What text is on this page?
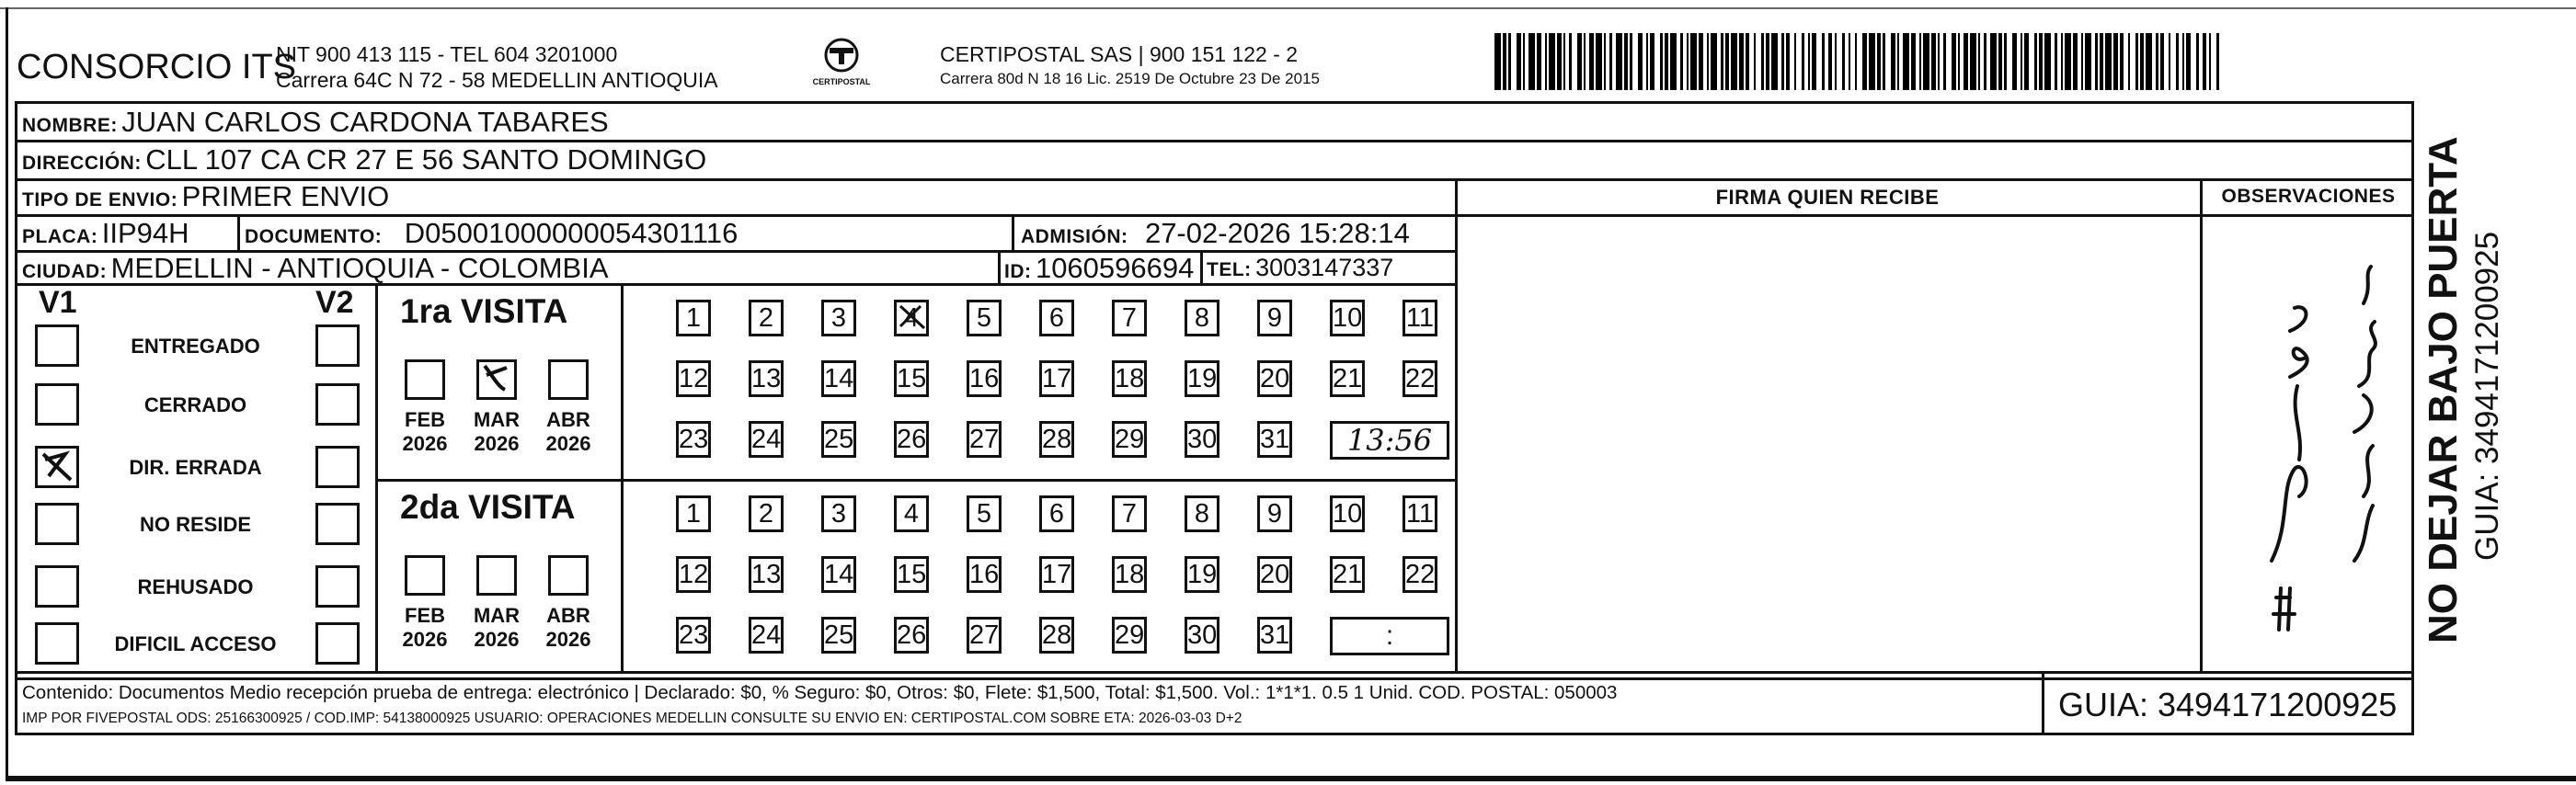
CONSORCIO ITS
NIT 900 413 115 - TEL 604 3201000
Carrera 64C N 72 - 58 MEDELLIN ANTIOQUIA	CERTIPOSTAL
CERTIPOSTAL SAS | 900 151 122 - 2
Carrera 80d N 18 16 Lic. 2519 De Octubre 23 De 2015
NOMBRE: JUAN CARLOS CARDONA TABARES
DIRECCIÓN: CLL 107 CA CR 27 E 56 SANTO DOMINGO
TIPO DE ENVIO: PRIMER ENVIO	FIRMA QUIEN RECIBE	OBSERVACIONES
PLACA: IIP94H	DOCUMENTO: D05001000000054301116	ADMISIÓN: 27-02-2026 15:28:14
CIUDAD: MEDELLIN - ANTIOQUIA - COLOMBIA	ID: 1060596694 TEL: 3003147337
V1	V2
ENTREGADO
CERRADO
DIR. ERRADA
NO RESIDE
REHUSADO
DIFICIL ACCESO
1ra VISITA
FEB
2026
MAR
2026
ABR
2026
1	2	3	4	5	6	7	8	9	10 11
12 13 14 15 16 17 18 19 20 21 22
23 24 25 26 27 28 29 30 31	13:56
2da VISITA
FEB
2026
MAR
2026
ABR
2026
1	2	3	4	5	6	7	8	9	10 11
12 13 14 15 16 17 18 19 20 21 22
23 24 25 26 27 28 29 30 31	:	NO DEJAR BAJO PUERTA GUIA: 3494171200925
Contenido: Documentos Medio recepción prueba de entrega: electrónico | Declarado: $0, % Seguro: $0, Otros: $0, Flete: $1,500, Total: $1,500. Vol.: 1*1*1. 0.5 1 Unid. COD. POSTAL: 050003
IMP POR FIVEPOSTAL ODS: 25166300925 / COD.IMP: 54138000925 USUARIO: OPERACIONES MEDELLIN CONSULTE SU ENVIO EN: CERTIPOSTAL.COM SOBRE ETA: 2026-03-03 D+2	GUIA: 3494171200925
